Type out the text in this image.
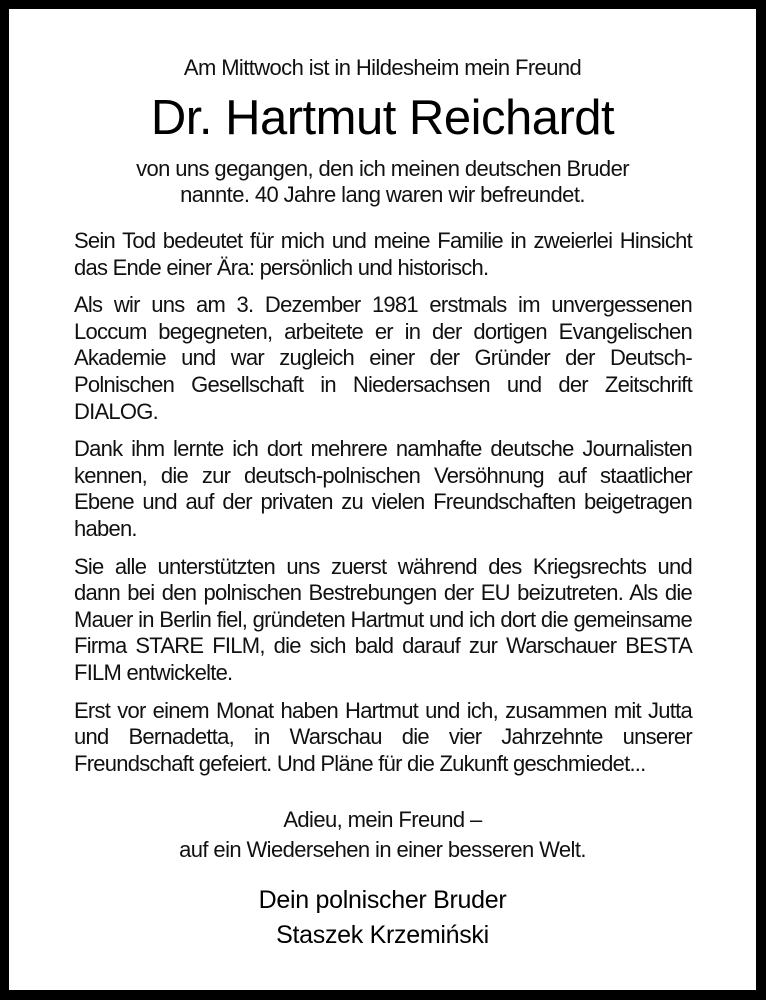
Am Mittwoch ist in Hildesheim mein Freund
Dr. Hartmut Reichardt
von uns gegangen, den ich meinen deutschen Bruder
nannte. 40 Jahre lang waren wir befreundet.

Sein Tod bedeutet für mich und meine Familie in zweierlei Hinsicht das Ende einer Ära: persönlich und historisch.

Als wir uns am 3. Dezember 1981 erstmals im unvergessenen Loccum begegneten, arbeitete er in der dortigen Evangelischen Akademie und war zugleich einer der Gründer der Deutsch-Polnischen Gesellschaft in Niedersachsen und der Zeitschrift DIALOG.

Dank ihm lernte ich dort mehrere namhafte deutsche Journalisten kennen, die zur deutsch-polnischen Versöhnung auf staatlicher Ebene und auf der privaten zu vielen Freundschaften beigetragen haben.

Sie alle unterstützten uns zuerst während des Kriegsrechts und dann bei den polnischen Bestrebungen der EU beizutreten. Als die Mauer in Berlin fiel, gründeten Hartmut und ich dort die gemeinsame Firma STARE FILM, die sich bald darauf zur Warschauer BESTA FILM entwickelte.

Erst vor einem Monat haben Hartmut und ich, zusammen mit Jutta und Bernadetta, in Warschau die vier Jahrzehnte unserer Freundschaft gefeiert. Und Pläne für die Zukunft geschmiedet...

Adieu, mein Freund –
auf ein Wiedersehen in einer besseren Welt.
Dein polnischer Bruder
Staszek Krzemiński
